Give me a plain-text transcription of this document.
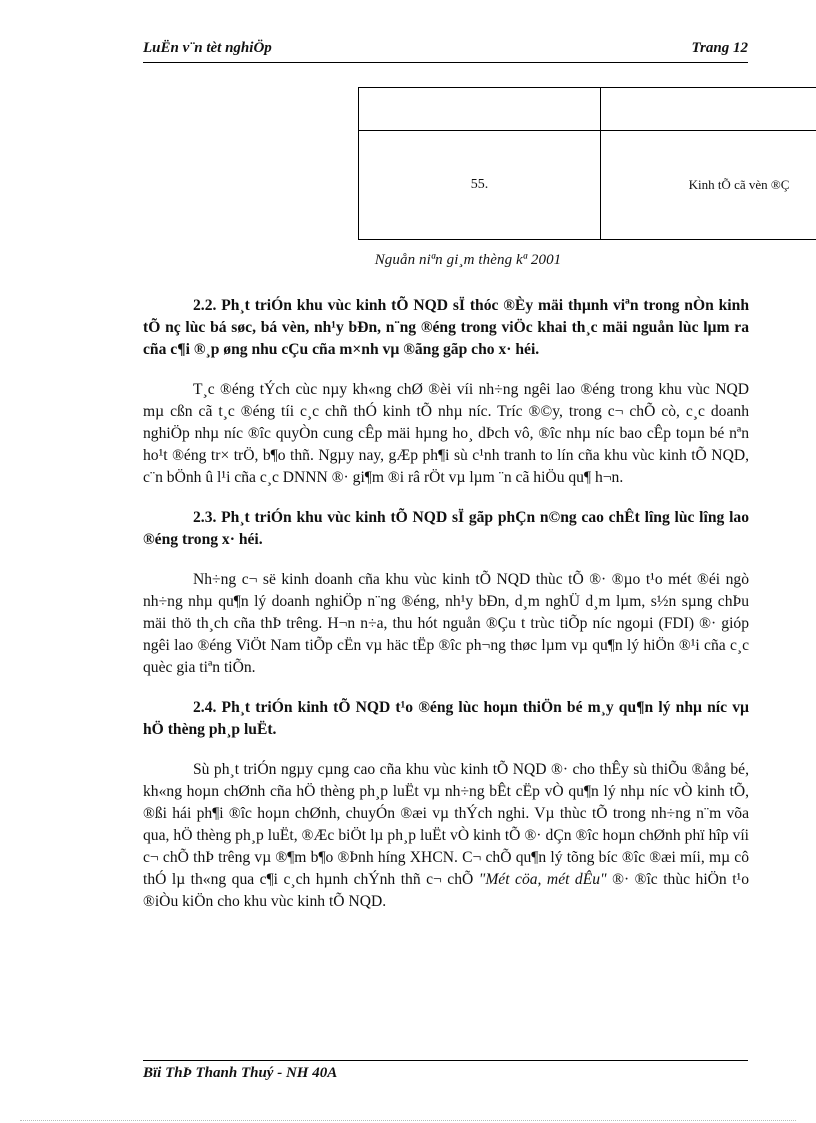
LuËn v¨n tèt nghiÖp	Trang 12

55.	Kinh tÕ cã vèn ®Ç
Nguån niªn gi¸m thèng kª 2001

2.2. Ph¸t triÓn khu vùc kinh tÕ NQD sÏ thóc ®Èy mäi thµnh viªn trong nÒn kinh tÕ nç lùc bá søc, bá vèn, nh¹y bÐn, n¨ng ®éng trong viÖc khai th¸c mäi nguån lùc lµm ra cña c¶i ®¸p øng nhu cÇu cña m×nh vµ ®ãng gãp cho x· héi.

T¸c ®éng tÝch cùc nµy kh«ng chØ ®èi víi nh÷ng ngêi lao ®éng trong khu vùc NQD mµ cßn cã t¸c ®éng tíi c¸c chñ thÓ kinh tÕ nhµ níc. Tríc ®©y, trong c¬ chÕ cò, c¸c doanh nghiÖp nhµ níc ®îc quyÒn cung cÊp mäi hµng ho¸ dÞch vô, ®îc nhµ níc bao cÊp toµn bé nªn ho¹t ®éng tr× trÖ, b¶o thñ. Ngµy nay, gÆp ph¶i sù c¹nh tranh to lín cña khu vùc kinh tÕ NQD, c¨n bÖnh û l¹i cña c¸c DNNN ®· gi¶m ®i râ rÖt vµ lµm ¨n cã hiÖu qu¶ h¬n.

2.3. Ph¸t triÓn khu vùc kinh tÕ NQD sÏ gãp phÇn n©ng cao chÊt lîng lùc lîng lao ®éng trong x· héi.

Nh÷ng c¬ së kinh doanh cña khu vùc kinh tÕ NQD thùc tÕ ®· ®µo t¹o mét ®éi ngò nh÷ng nhµ qu¶n lý doanh nghiÖp n¨ng ®éng, nh¹y bÐn, d¸m nghÜ d¸m lµm, s½n sµng chÞu mäi thö th¸ch cña thÞ trêng. H¬n n÷a, thu hót nguån ®Çu t trùc tiÕp níc ngoµi (FDI) ®· gióp ngêi lao ®éng ViÖt Nam tiÕp cËn vµ häc tËp ®îc ph¬ng thøc lµm vµ qu¶n lý hiÖn ®¹i cña c¸c quèc gia tiªn tiÕn.

2.4. Ph¸t triÓn kinh tÕ NQD t¹o ®éng lùc hoµn thiÖn bé m¸y qu¶n lý nhµ níc vµ hÖ thèng ph¸p luËt.

Sù ph¸t triÓn ngµy cµng cao cña khu vùc kinh tÕ NQD ®· cho thÊy sù thiÕu ®ång bé, kh«ng hoµn chØnh cña hÖ thèng ph¸p luËt vµ nh÷ng bÊt cËp vÒ qu¶n lý nhµ níc vÒ kinh tÕ, ®ßi hái ph¶i ®îc hoµn chØnh, chuyÓn ®æi vµ thÝch nghi. Vµ thùc tÕ trong nh÷ng n¨m võa qua, hÖ thèng ph¸p luËt, ®Æc biÖt lµ ph¸p luËt vÒ kinh tÕ ®· dÇn ®îc hoµn chØnh phï hîp víi c¬ chÕ thÞ trêng vµ ®¶m b¶o ®Þnh híng XHCN. C¬ chÕ qu¶n lý tõng bíc ®îc ®æi míi, mµ cô thÓ lµ th«ng qua c¶i c¸ch hµnh chÝnh thñ c¬ chÕ "Mét cöa, mét dÊu" ®· ®îc thùc hiÖn t¹o ®iÒu kiÖn cho khu vùc kinh tÕ NQD.

Bïi ThÞ Thanh Thuý - NH 40A
